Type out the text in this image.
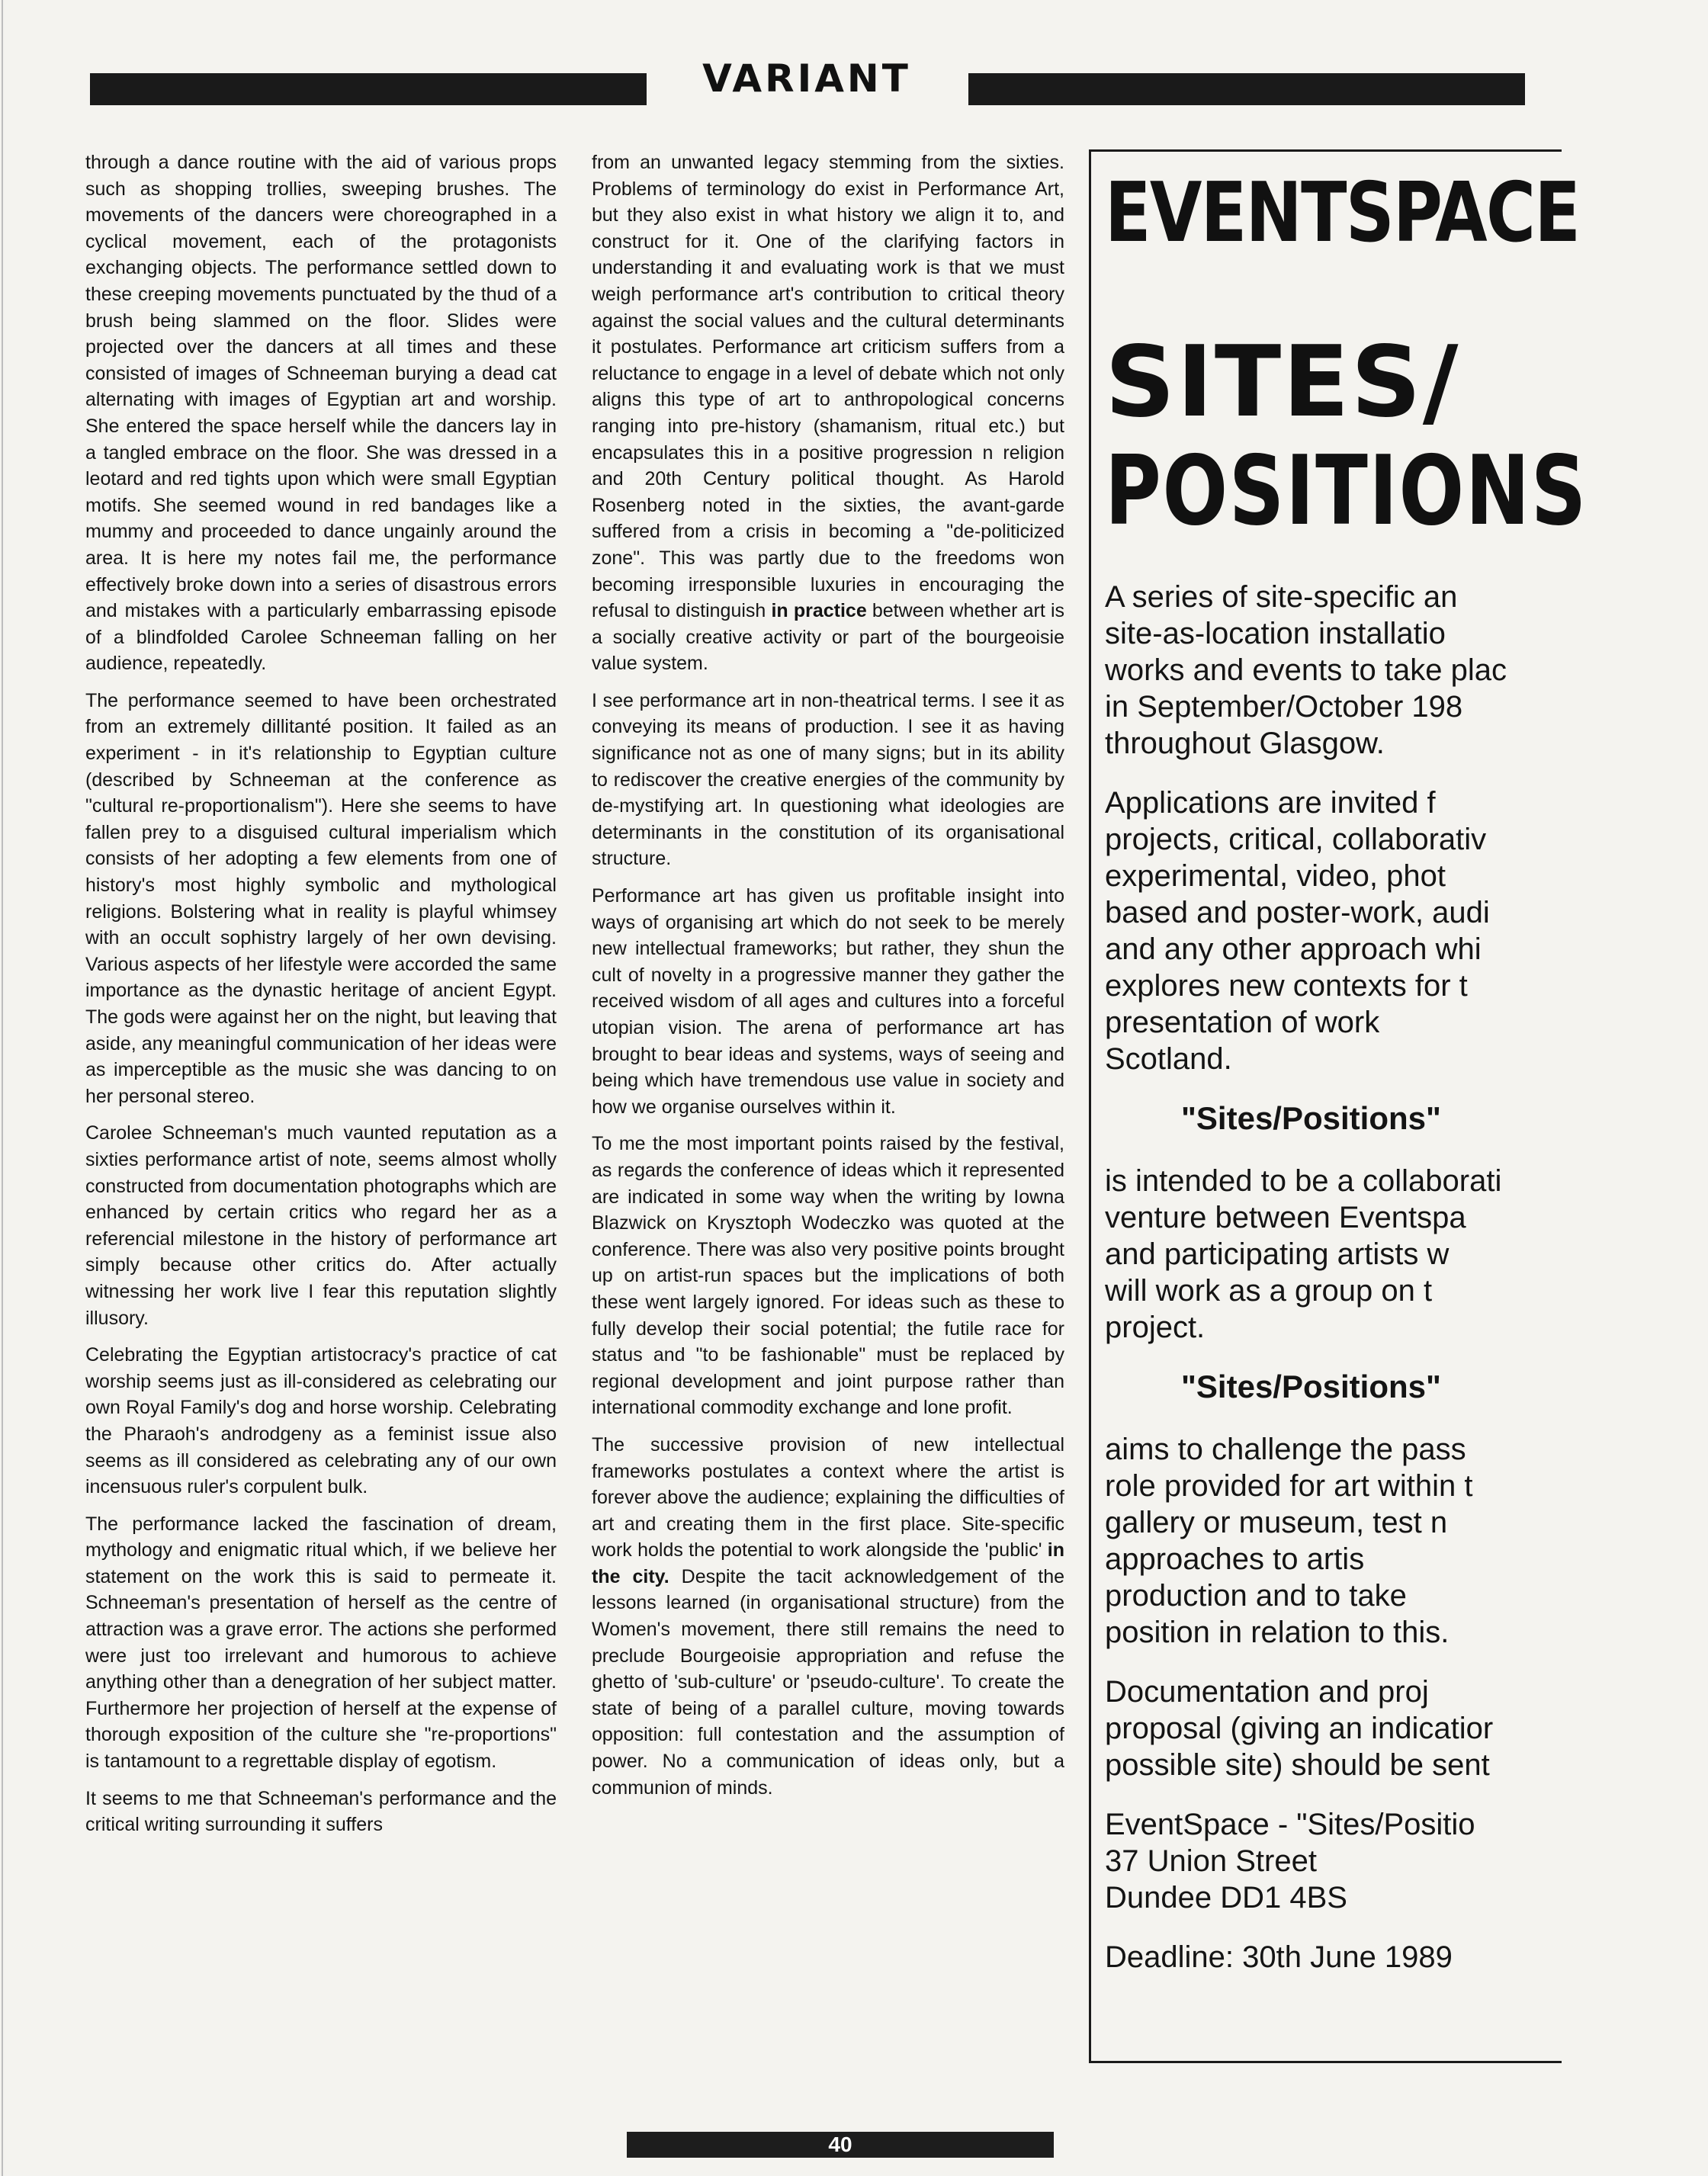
VARIANT

through a dance routine with the aid of various props such as shopping trollies, sweeping brushes. The movements of the dancers were choreographed in a cyclical movement, each of the protagonists exchanging objects. The performance settled down to these creeping movements punctuated by the thud of a brush being slammed on the floor. Slides were projected over the dancers at all times and these consisted of images of Schneeman burying a dead cat alternating with images of Egyptian art and worship. She entered the space herself while the dancers lay in a tangled embrace on the floor. She was dressed in a leotard and red tights upon which were small Egyptian motifs. She seemed wound in red bandages like a mummy and proceeded to dance ungainly around the area. It is here my notes fail me, the performance effectively broke down into a series of disastrous errors and mistakes with a particularly embarrassing episode of a blindfolded Carolee Schneeman falling on her audience, repeatedly.

The performance seemed to have been orchestrated from an extremely dillitanté position. It failed as an experiment - in it's relationship to Egyptian culture (described by Schneeman at the conference as "cultural re-proportionalism"). Here she seems to have fallen prey to a disguised cultural imperialism which consists of her adopting a few elements from one of history's most highly symbolic and mythological religions. Bolstering what in reality is playful whimsey with an occult sophistry largely of her own devising. Various aspects of her lifestyle were accorded the same importance as the dynastic heritage of ancient Egypt. The gods were against her on the night, but leaving that aside, any meaningful communication of her ideas were as imperceptible as the music she was dancing to on her personal stereo.

Carolee Schneeman's much vaunted reputation as a sixties performance artist of note, seems almost wholly constructed from documentation photographs which are enhanced by certain critics who regard her as a referencial milestone in the history of performance art simply because other critics do. After actually witnessing her work live I fear this reputation slightly illusory.

Celebrating the Egyptian artistocracy's practice of cat worship seems just as ill-considered as celebrating our own Royal Family's dog and horse worship. Celebrating the Pharaoh's androdgeny as a feminist issue also seems as ill considered as celebrating any of our own incensuous ruler's corpulent bulk.

The performance lacked the fascination of dream, mythology and enigmatic ritual which, if we believe her statement on the work this is said to permeate it. Schneeman's presentation of herself as the centre of attraction was a grave error. The actions she performed were just too irrelevant and humorous to achieve anything other than a denegration of her subject matter. Furthermore her projection of herself at the expense of thorough exposition of the culture she "re-proportions" is tantamount to a regrettable display of egotism.

It seems to me that Schneeman's performance and the critical writing surrounding it suffers

from an unwanted legacy stemming from the sixties. Problems of terminology do exist in Performance Art, but they also exist in what history we align it to, and construct for it. One of the clarifying factors in understanding it and evaluating work is that we must weigh performance art's contribution to critical theory against the social values and the cultural determinants it postulates. Performance art criticism suffers from a reluctance to engage in a level of debate which not only aligns this type of art to anthropological concerns ranging into pre-history (shamanism, ritual etc.) but encapsulates this in a positive progression n religion and 20th Century political thought. As Harold Rosenberg noted in the sixties, the avant-garde suffered from a crisis in becoming a "de-politicized zone". This was partly due to the freedoms won becoming irresponsible luxuries in encouraging the refusal to distinguish in practice between whether art is a socially creative activity or part of the bourgeoisie value system.

I see performance art in non-theatrical terms. I see it as conveying its means of production. I see it as having significance not as one of many signs; but in its ability to rediscover the creative energies of the community by de-mystifying art. In questioning what ideologies are determinants in the constitution of its organisational structure.

Performance art has given us profitable insight into ways of organising art which do not seek to be merely new intellectual frameworks; but rather, they shun the cult of novelty in a progressive manner they gather the received wisdom of all ages and cultures into a forceful utopian vision. The arena of performance art has brought to bear ideas and systems, ways of seeing and being which have tremendous use value in society and how we organise ourselves within it.

To me the most important points raised by the festival, as regards the conference of ideas which it represented are indicated in some way when the writing by Iowna Blazwick on Krysztoph Wodeczko was quoted at the conference. There was also very positive points brought up on artist-run spaces but the implications of both these went largely ignored. For ideas such as these to fully develop their social potential; the futile race for status and "to be fashionable" must be replaced by regional development and joint purpose rather than international commodity exchange and lone profit.

The successive provision of new intellectual frameworks postulates a context where the artist is forever above the audience; explaining the difficulties of art and creating them in the first place. Site-specific work holds the potential to work alongside the 'public' in the city. Despite the tacit acknowledgement of the lessons learned (in organisational structure) from the Women's movement, there still remains the need to preclude Bourgeoisie appropriation and refuse the ghetto of 'sub-culture' or 'pseudo-culture'. To create the state of being of a parallel culture, moving towards opposition: full contestation and the assumption of power. No a communication of ideas only, but a communion of minds.

EVENTSPACE
SITES/
POSITIONS

A series of site-specific an
site-as-location installatio
works and events to take plac
in September/October 198
throughout Glasgow.

Applications are invited f
projects, critical, collaborativ
experimental, video, phot
based and poster-work, audi
and any other approach whi
explores new contexts for t
presentation of work
Scotland.

"Sites/Positions"

is intended to be a collaborati
venture between Eventspa
and participating artists w
will work as a group on t
project.

"Sites/Positions"

aims to challenge the pass
role provided for art within t
gallery or museum, test n
approaches to artis
production and to take
position in relation to this.

Documentation and proj
proposal (giving an indicatior
possible site) should be sent

EventSpace - "Sites/Positio
37 Union Street
Dundee DD1 4BS

Deadline: 30th June 1989

40
